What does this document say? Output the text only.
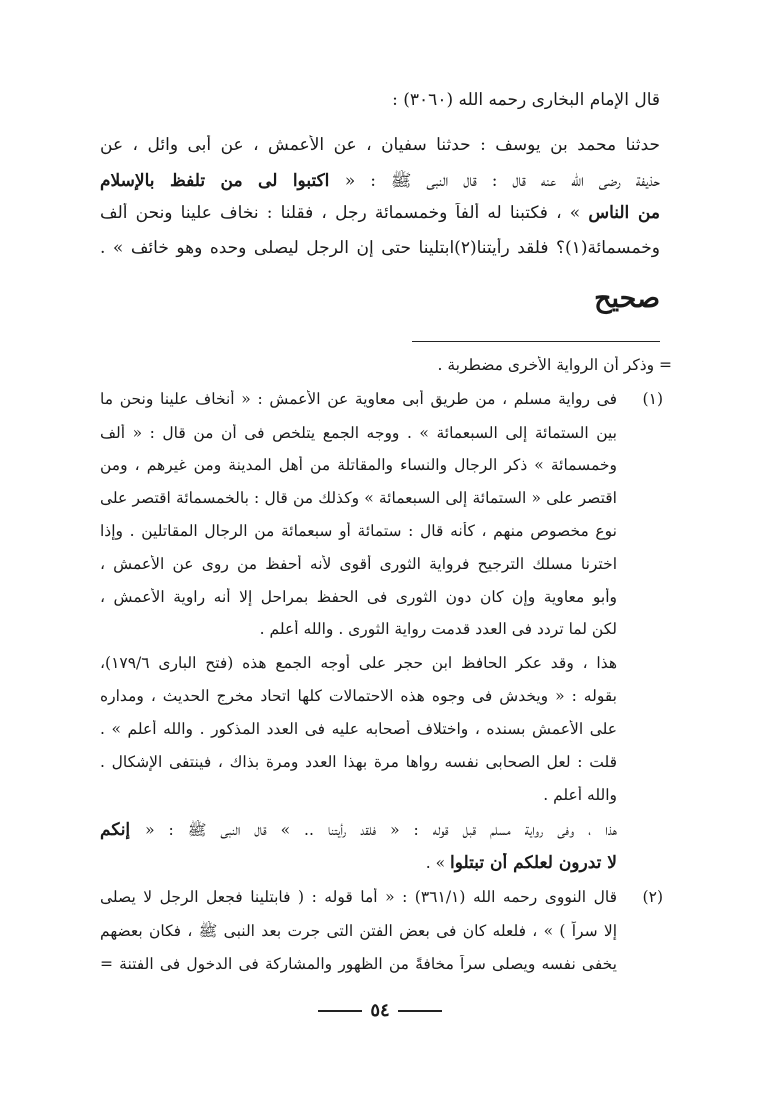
قال الإمام البخارى رحمه الله (٣٠٦٠) :
حدثنا محمد بن يوسف : حدثنا سفيان ، عن الأعمش ، عن أبى وائل ، عن
حذيفة رضى الله عنه قال : قال النبى ﷺ : « اكتبوا لى من تلفظ بالإسلام
من الناس » ، فكتبنا له ألفاً وخمسمائة رجل ، فقلنا : نخاف علينا ونحن ألف
وخمسمائة(١)؟ فلقد رأيتنا(٢)ابتلينا حتى إن الرجل ليصلى وحده وهو خائف » .
صحيح
= وذكر أن الرواية الأخرى مضطربة .
(١)
فى رواية مسلم ، من طريق أبى معاوية عن الأعمش : « أنخاف علينا ونحن ما
بين الستمائة إلى السبعمائة » . ووجه الجمع يتلخص فى أن من قال : « ألف
وخمسمائة » ذكر الرجال والنساء والمقاتلة من أهل المدينة ومن غيرهم ، ومن
اقتصر على « الستمائة إلى السبعمائة » وكذلك من قال : بالخمسمائة اقتصر على
نوع مخصوص منهم ، كأنه قال : ستمائة أو سبعمائة من الرجال المقاتلين . وإذا
اخترنا مسلك الترجيح فرواية الثورى أقوى لأنه أحفظ من روى عن الأعمش ،
وأبو معاوية وإن كان دون الثورى فى الحفظ بمراحل إلا أنه راوية الأعمش ،
لكن لما تردد فى العدد قدمت رواية الثورى . والله أعلم .
هذا ، وقد عكر الحافظ ابن حجر على أوجه الجمع هذه (فتح البارى ١٧٩/٦)،
بقوله : « ويخدش فى وجوه هذه الاحتمالات كلها اتحاد مخرج الحديث ، ومداره
على الأعمش بسنده ، واختلاف أصحابه عليه فى العدد المذكور . والله أعلم » .
قلت : لعل الصحابى نفسه رواها مرة بهذا العدد ومرة بذاك ، فينتفى الإشكال .
والله أعلم .
هذا ، وفى رواية مسلم قبل قوله : « فلقد رأيتنا .. » قال النبى ﷺ : « إنكم
لا تدرون لعلكم أن تبتلوا » .
(٢)
قال النووى رحمه الله (٣٦١/١) : « أما قوله : ( فابتلينا فجعل الرجل لا يصلى
إلا سراً ) » ، فلعله كان فى بعض الفتن التى جرت بعد النبى ﷺ ، فكان بعضهم
يخفى نفسه ويصلى سراً مخافةً من الظهور والمشاركة فى الدخول فى الفتنة =
٥٤
